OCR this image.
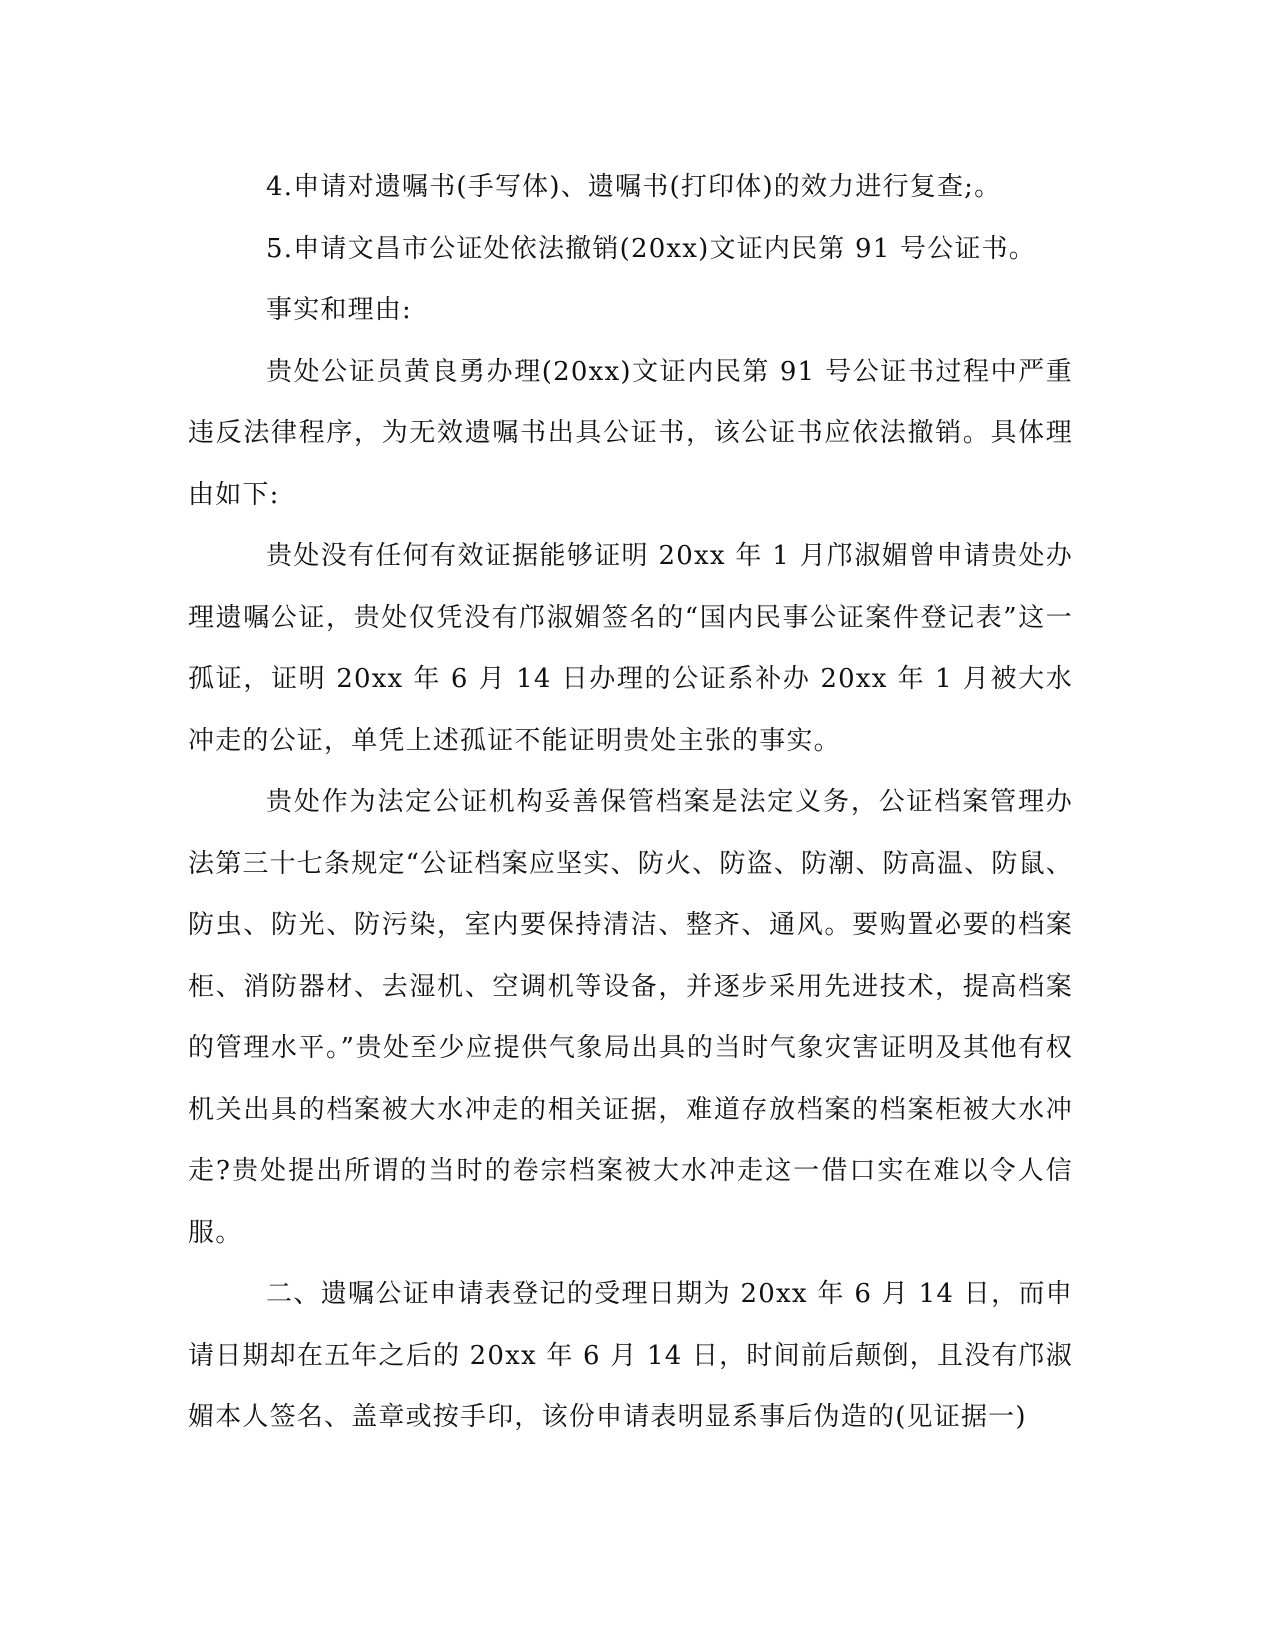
4.申请对遗嘱书(手写体)、遗嘱书(打印体)的效力进行复查;。

5.申请文昌市公证处依法撤销(20xx)文证内民第 91 号公证书。

事实和理由:

贵处公证员黄良勇办理(20xx)文证内民第 91 号公证书过程中严重违反法律程序，为无效遗嘱书出具公证书，该公证书应依法撤销。具体理由如下:

贵处没有任何有效证据能够证明 20xx 年 1 月邝淑媚曾申请贵处办理遗嘱公证，贵处仅凭没有邝淑媚签名的“国内民事公证案件登记表”这一孤证，证明 20xx 年 6 月 14 日办理的公证系补办 20xx 年 1 月被大水冲走的公证，单凭上述孤证不能证明贵处主张的事实。

贵处作为法定公证机构妥善保管档案是法定义务，公证档案管理办法第三十七条规定“公证档案应坚实、防火、防盗、防潮、防高温、防鼠、防虫、防光、防污染，室内要保持清洁、整齐、通风。要购置必要的档案柜、消防器材、去湿机、空调机等设备，并逐步采用先进技术，提高档案的管理水平。”贵处至少应提供气象局出具的当时气象灾害证明及其他有权机关出具的档案被大水冲走的相关证据，难道存放档案的档案柜被大水冲走?贵处提出所谓的当时的卷宗档案被大水冲走这一借口实在难以令人信服。

二、遗嘱公证申请表登记的受理日期为 20xx 年 6 月 14 日，而申请日期却在五年之后的 20xx 年 6 月 14 日，时间前后颠倒，且没有邝淑媚本人签名、盖章或按手印，该份申请表明显系事后伪造的(见证据一)
